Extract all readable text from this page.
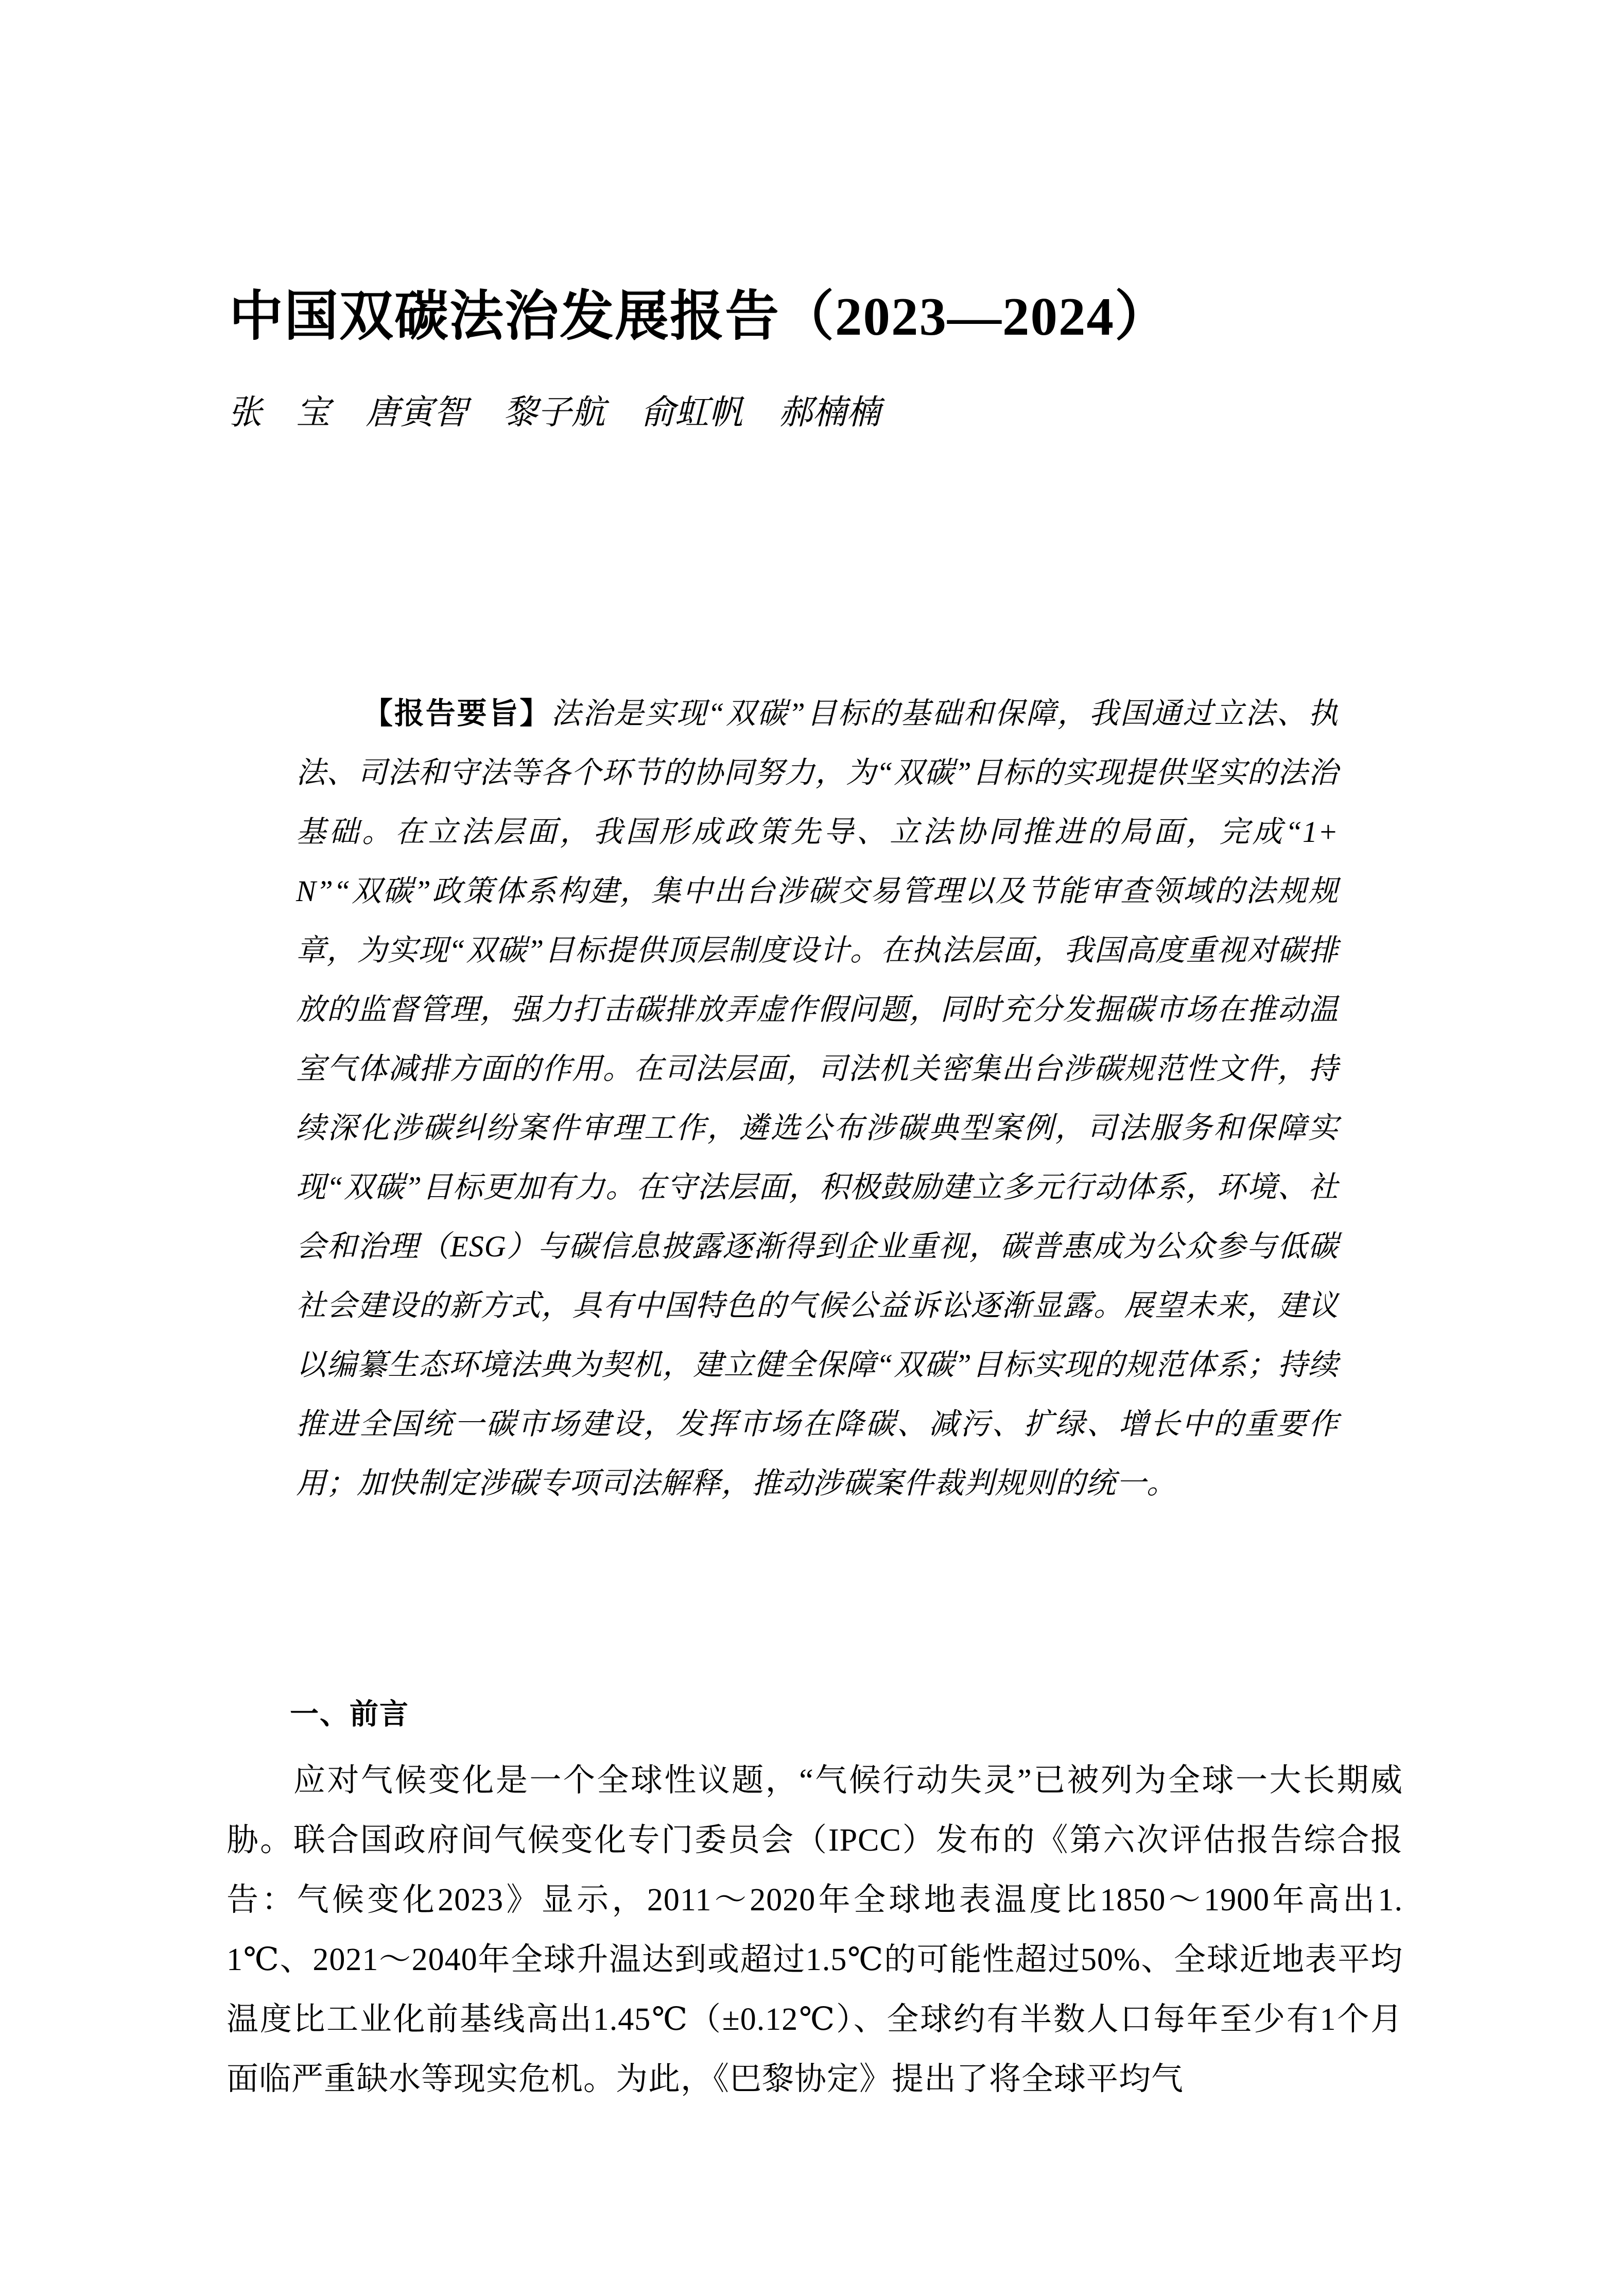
中国双碳法治发展报告（2023—2024）
张　宝 唐寅智 黎子航 俞虹帆 郝楠楠
【报告要旨】法治是实现“双碳”目标的基础和保障，我国通过立法、执法、司法和守法等各个环节的协同努力，为“双碳”目标的实现提供坚实的法治基础。在立法层面，我国形成政策先导、立法协同推进的局面，完成“1+N”“双碳”政策体系构建，集中出台涉碳交易管理以及节能审查领域的法规规章，为实现“双碳”目标提供顶层制度设计。在执法层面，我国高度重视对碳排放的监督管理，强力打击碳排放弄虚作假问题，同时充分发掘碳市场在推动温室气体减排方面的作用。在司法层面，司法机关密集出台涉碳规范性文件，持续深化涉碳纠纷案件审理工作，遴选公布涉碳典型案例，司法服务和保障实现“双碳”目标更加有力。在守法层面，积极鼓励建立多元行动体系，环境、社会和治理（ESG）与碳信息披露逐渐得到企业重视，碳普惠成为公众参与低碳社会建设的新方式，具有中国特色的气候公益诉讼逐渐显露。展望未来，建议以编纂生态环境法典为契机，建立健全保障“双碳”目标实现的规范体系；持续推进全国统一碳市场建设，发挥市场在降碳、减污、扩绿、增长中的重要作用；加快制定涉碳专项司法解释，推动涉碳案件裁判规则的统一。
一、前言

应对气候变化是一个全球性议题，“气候行动失灵”已被列为全球一大长期威胁。联合国政府间气候变化专门委员会（IPCC）发布的《第六次评估报告综合报告：气候变化2023》显示，2011～2020年全球地表温度比1850～1900年高出1.1℃、2021～2040年全球升温达到或超过1.5℃的可能性超过50%、全球近地表平均温度比工业化前基线高出1.45℃（±0.12℃）、全球约有半数人口每年至少有1个月面临严重缺水等现实危机。为此，《巴黎协定》提出了将全球平均气
